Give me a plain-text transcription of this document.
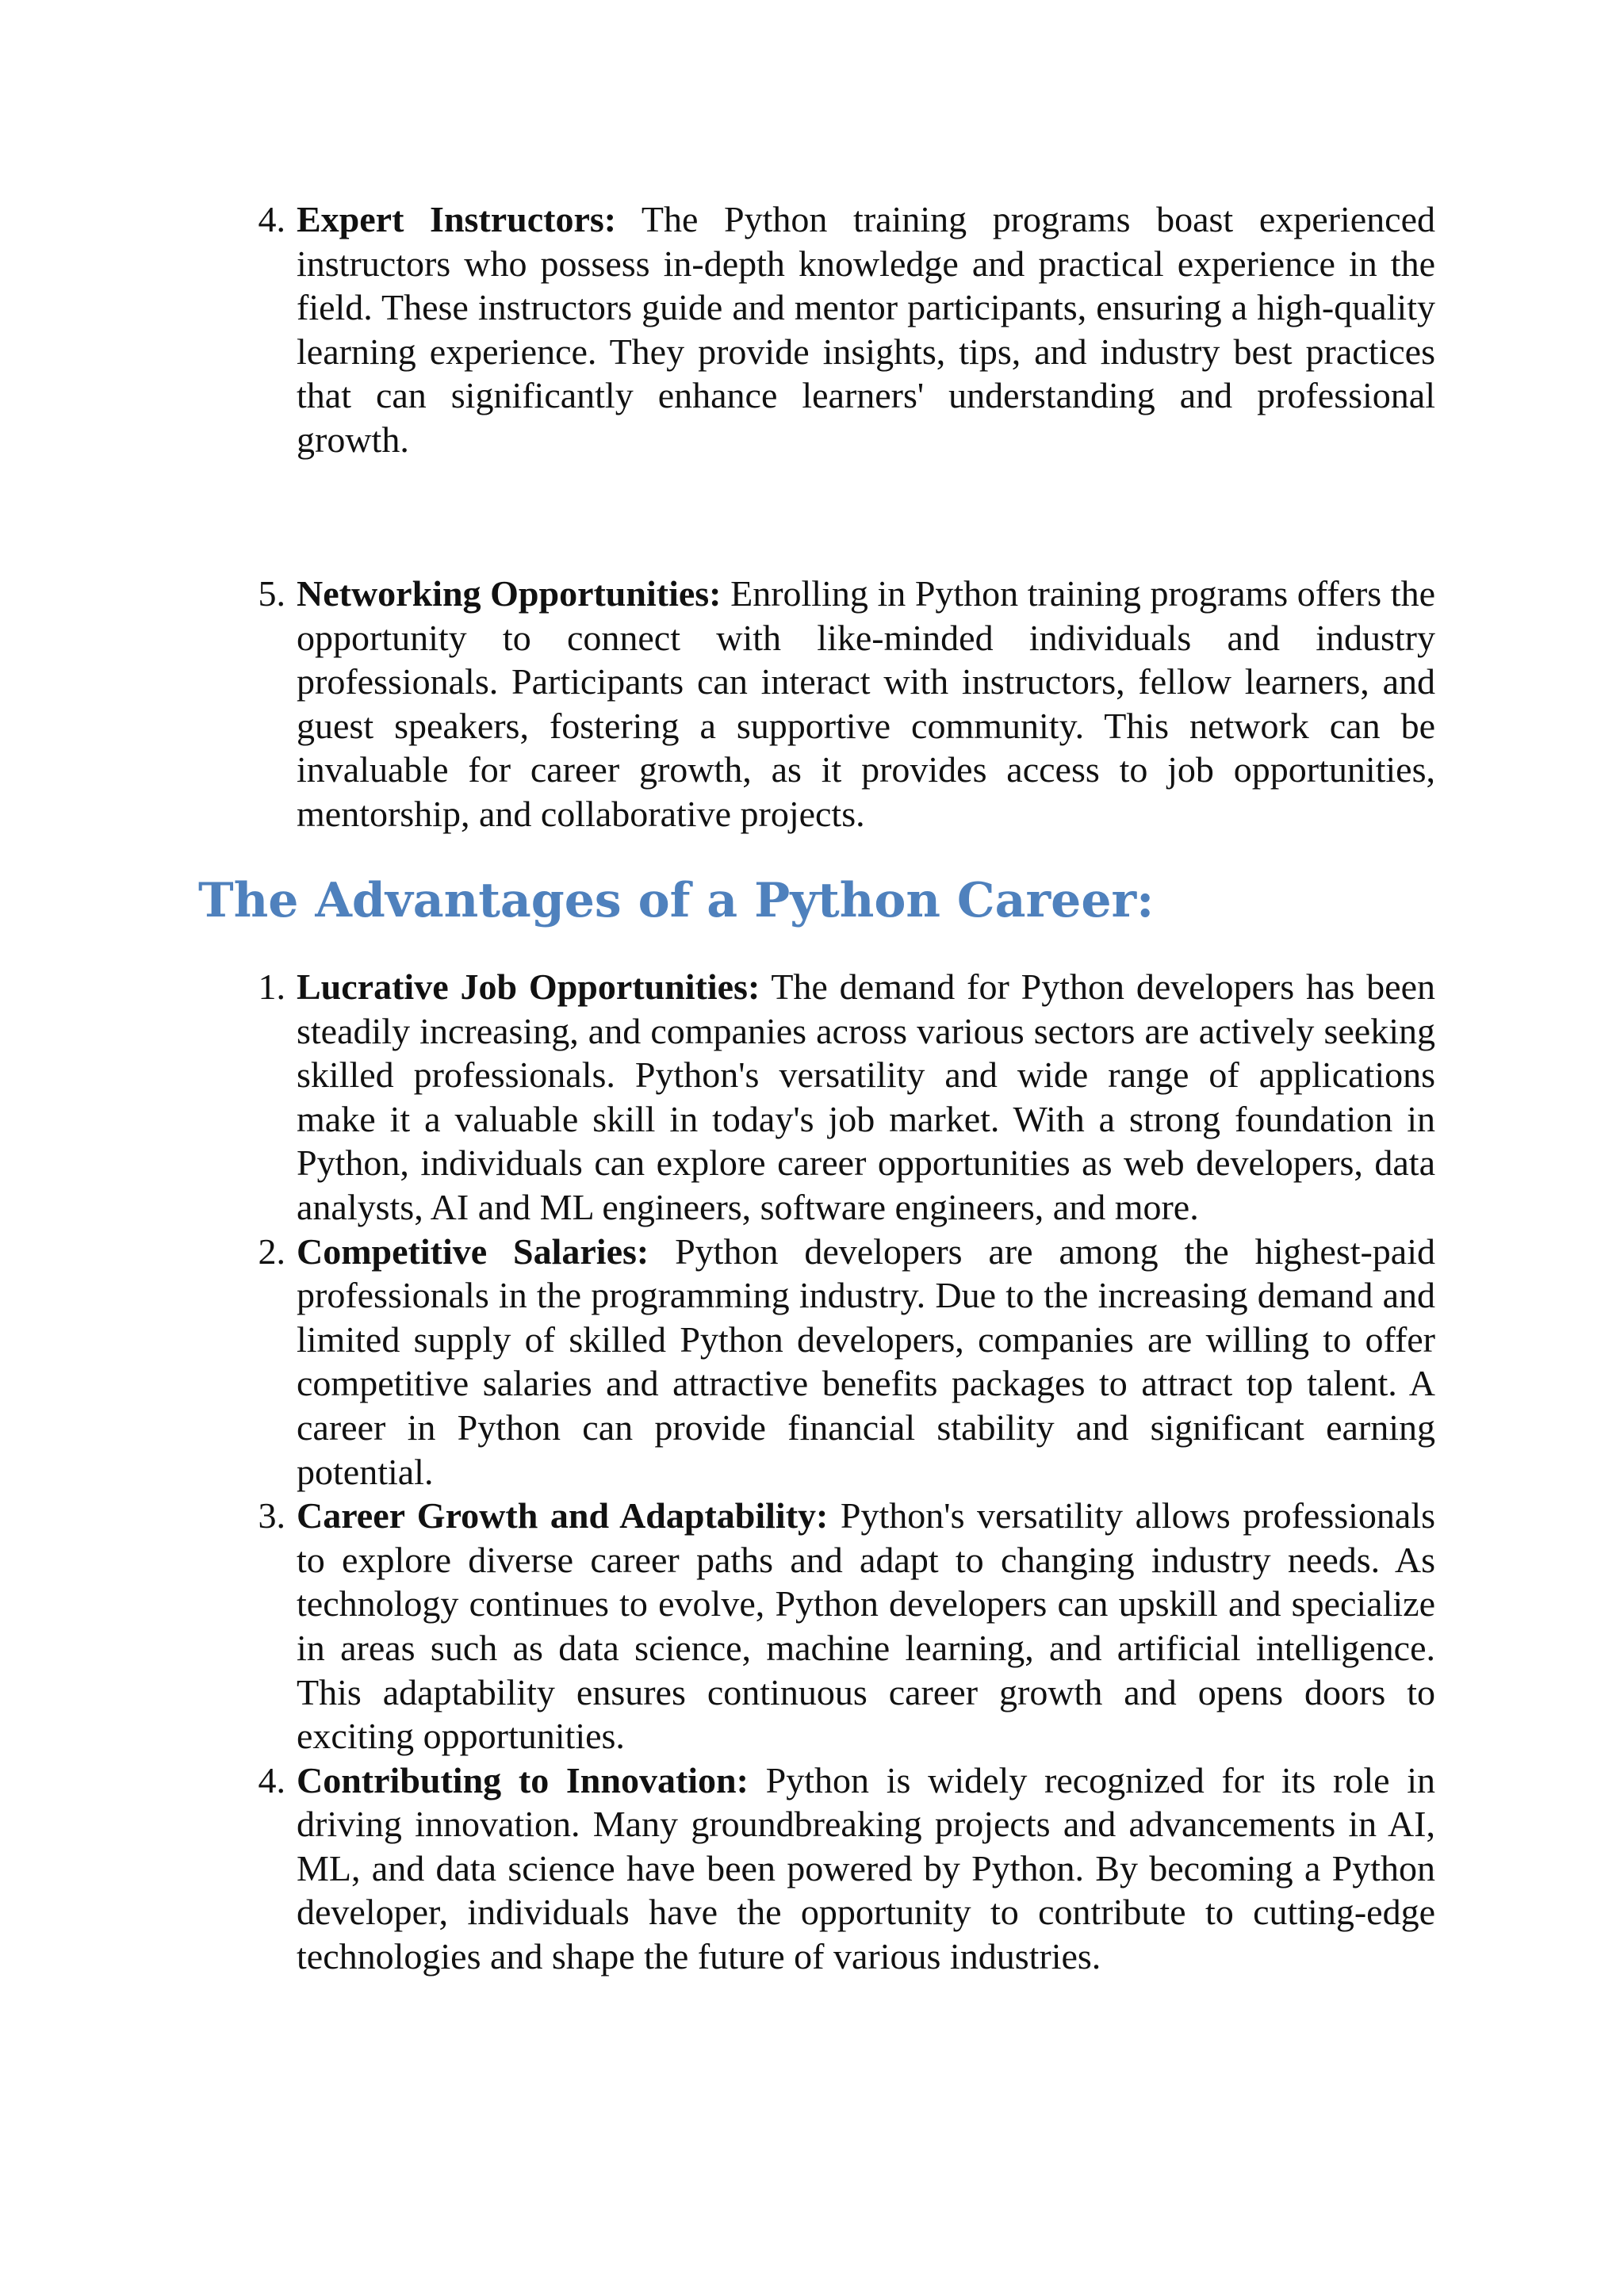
4. Expert Instructors: The Python training programs boast experienced instructors who possess in-depth knowledge and practical experience in the field. These instructors guide and mentor participants, ensuring a high-quality learning experience. They provide insights, tips, and industry best practices that can significantly enhance learners' understanding and professional growth.
5. Networking Opportunities: Enrolling in Python training programs offers the opportunity to connect with like-minded individuals and industry professionals. Participants can interact with instructors, fellow learners, and guest speakers, fostering a supportive community. This network can be invaluable for career growth, as it provides access to job opportunities, mentorship, and collaborative projects.
The Advantages of a Python Career:
1. Lucrative Job Opportunities: The demand for Python developers has been steadily increasing, and companies across various sectors are actively seeking skilled professionals. Python's versatility and wide range of applications make it a valuable skill in today's job market. With a strong foundation in Python, individuals can explore career opportunities as web developers, data analysts, AI and ML engineers, software engineers, and more.
2. Competitive Salaries: Python developers are among the highest-paid professionals in the programming industry. Due to the increasing demand and limited supply of skilled Python developers, companies are willing to offer competitive salaries and attractive benefits packages to attract top talent. A career in Python can provide financial stability and significant earning potential.
3. Career Growth and Adaptability: Python's versatility allows professionals to explore diverse career paths and adapt to changing industry needs. As technology continues to evolve, Python developers can upskill and specialize in areas such as data science, machine learning, and artificial intelligence. This adaptability ensures continuous career growth and opens doors to exciting opportunities.
4. Contributing to Innovation: Python is widely recognized for its role in driving innovation. Many groundbreaking projects and advancements in AI, ML, and data science have been powered by Python. By becoming a Python developer, individuals have the opportunity to contribute to cutting-edge technologies and shape the future of various industries.
